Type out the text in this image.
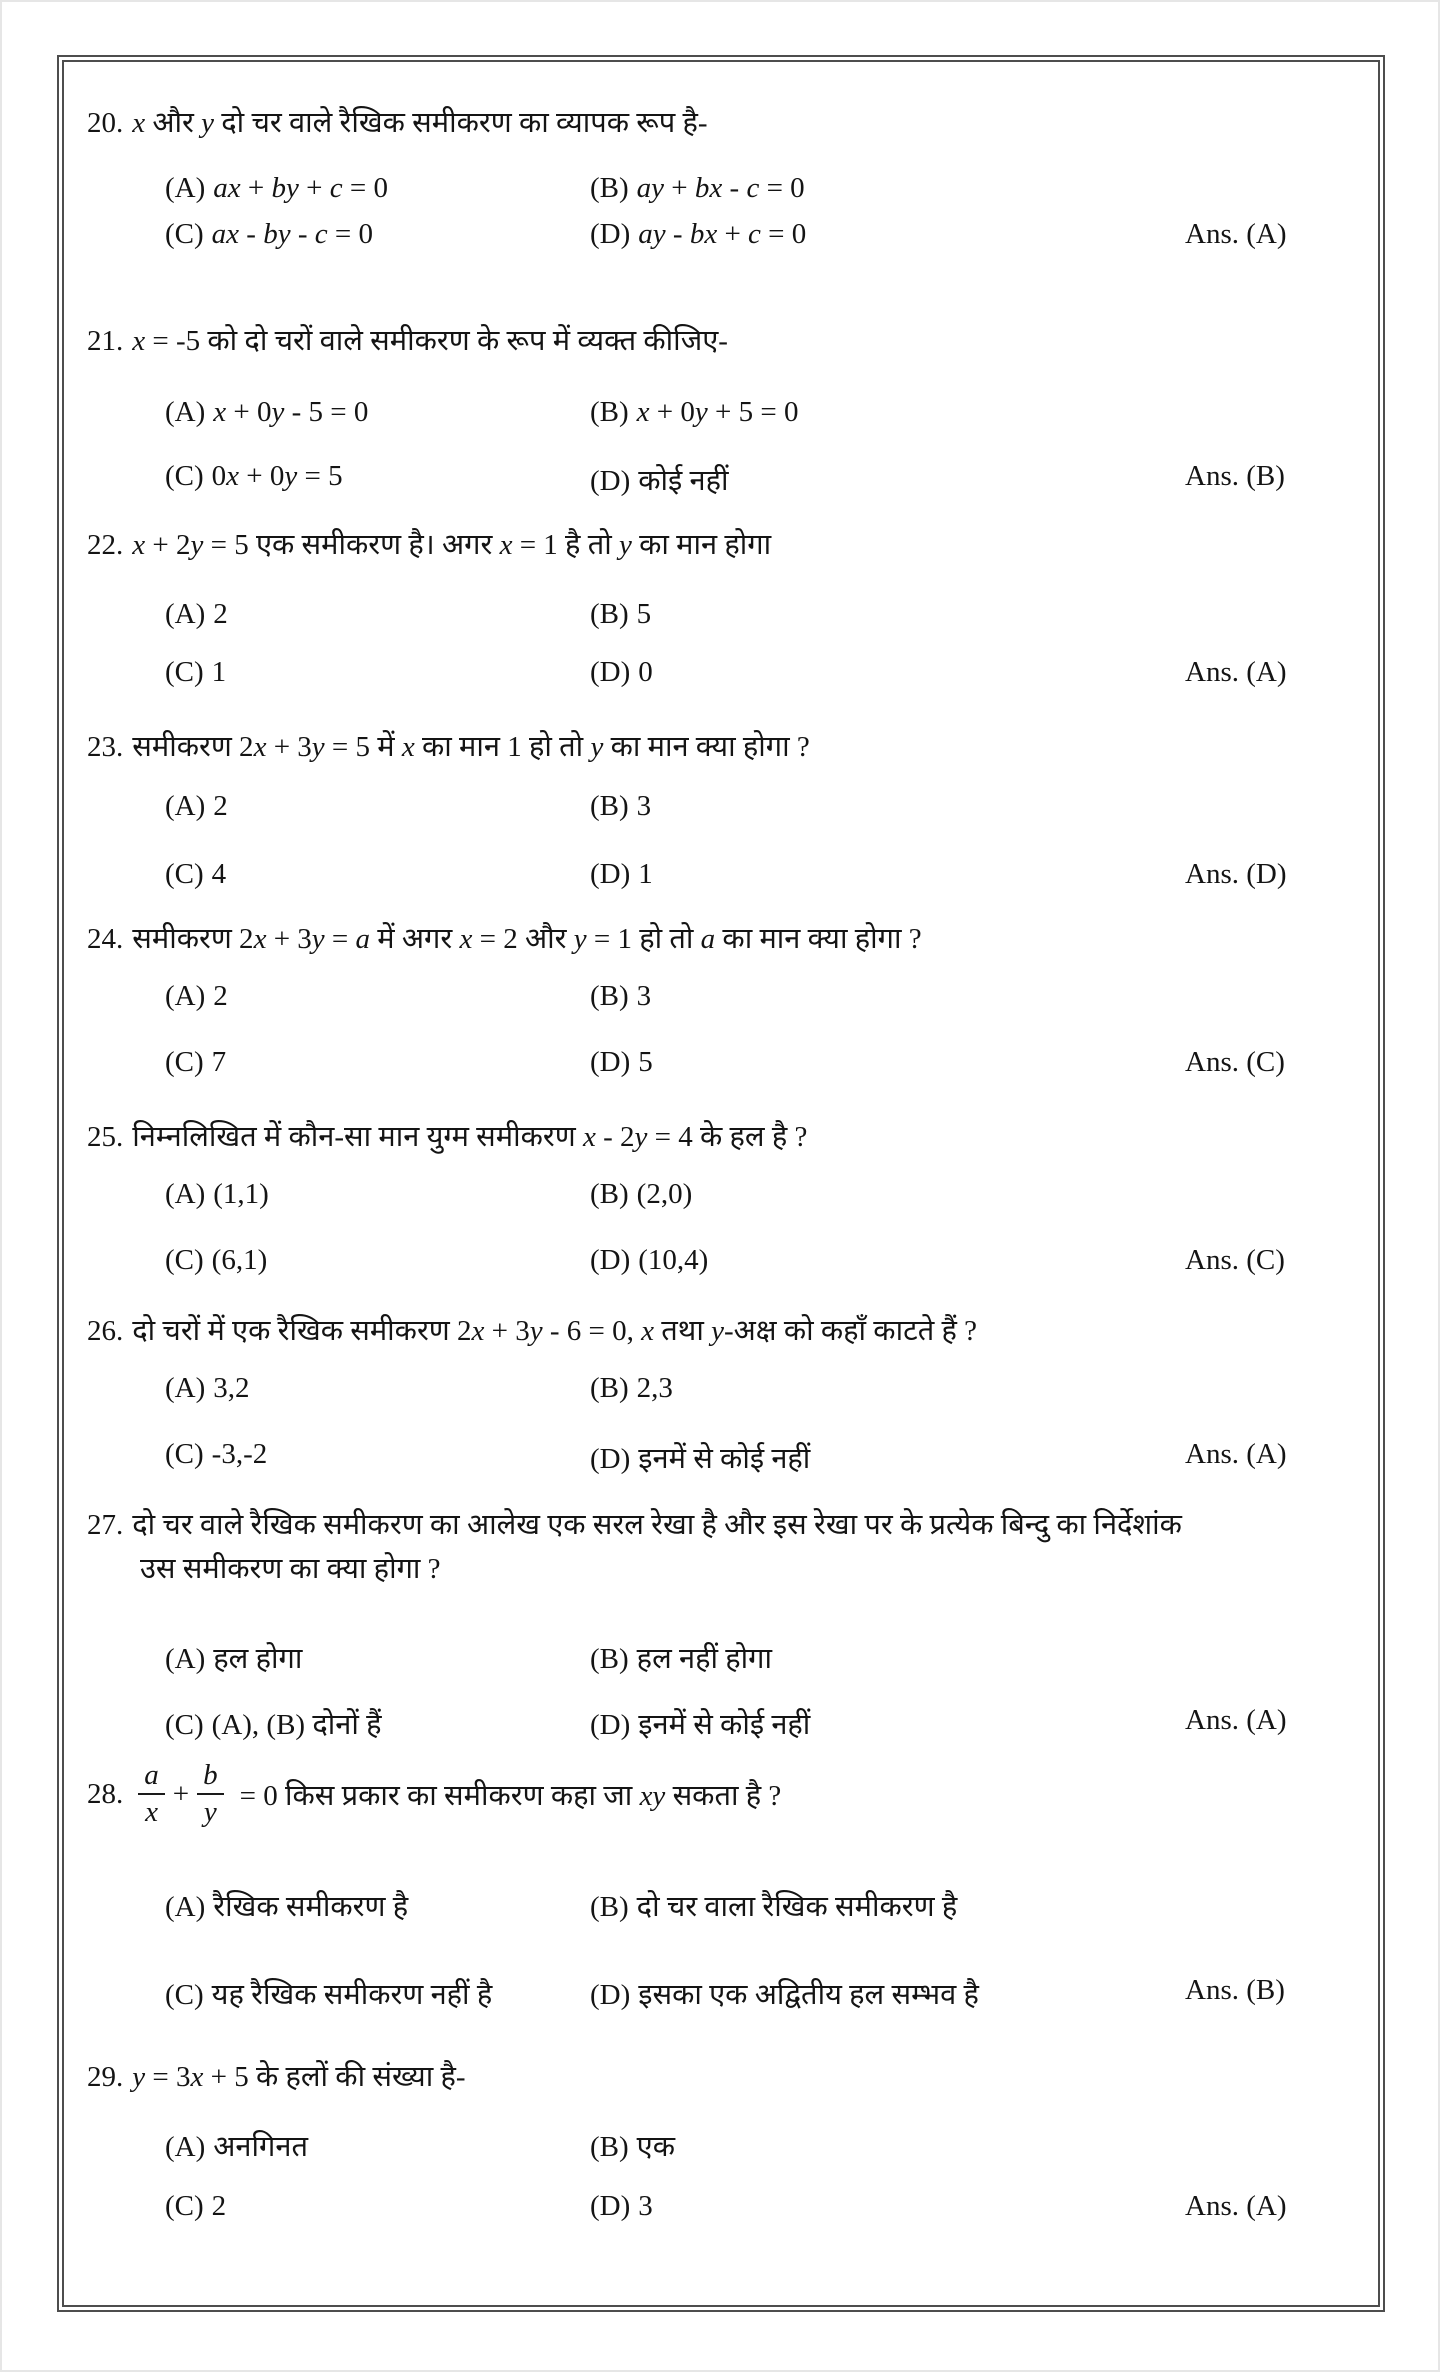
20. x और y दो चर वाले रैखिक समीकरण का व्यापक रूप है-
(A) ax + by + c = 0	(B) ay + bx - c = 0
(C) ax - by - c = 0	(D) ay - bx + c = 0	Ans. (A)
21. x = -5 को दो चरों वाले समीकरण के रूप में व्यक्त कीजिए-
(A) x + 0y - 5 = 0	(B) x + 0y + 5 = 0
(C) 0x + 0y = 5	(D) कोई नहीं	Ans. (B)
22. x + 2y = 5 एक समीकरण है। अगर x = 1 है तो y का मान होगा
(A) 2	(B) 5
(C) 1	(D) 0	Ans. (A)
23. समीकरण 2x + 3y = 5 में x का मान 1 हो तो y का मान क्या होगा ?
(A) 2	(B) 3
(C) 4	(D) 1	Ans. (D)
24. समीकरण 2x + 3y = a में अगर x = 2 और y = 1 हो तो a का मान क्या होगा ?
(A) 2	(B) 3
(C) 7	(D) 5	Ans. (C)
25. निम्नलिखित में कौन-सा मान युग्म समीकरण x - 2y = 4 के हल है ?
(A) (1,1)	(B) (2,0)
(C) (6,1)	(D) (10,4)	Ans. (C)
26. दो चरों में एक रैखिक समीकरण 2x + 3y - 6 = 0, x तथा y-अक्ष को कहाँ काटते हैं ?
(A) 3,2	(B) 2,3
(C) -3,-2	(D) इनमें से कोई नहीं	Ans. (A)
27. दो चर वाले रैखिक समीकरण का आलेख एक सरल रेखा है और इस रेखा पर के प्रत्येक बिन्दु का निर्देशांक
उस समीकरण का क्या होगा ?
(A) हल होगा	(B) हल नहीं होगा
(C) (A), (B) दोनों हैं	(D) इनमें से कोई नहीं	Ans. (A)
28. $\frac{a}{x} + \frac{b}{y} = 0$ किस प्रकार का समीकरण कहा जा xy सकता है ?
(A) रैखिक समीकरण है	(B) दो चर वाला रैखिक समीकरण है
(C) यह रैखिक समीकरण नहीं है	(D) इसका एक अद्वितीय हल सम्भव है	Ans. (B)
29. y = 3x + 5 के हलों की संख्या है-
(A) अनगिनत	(B) एक
(C) 2	(D) 3	Ans. (A)
